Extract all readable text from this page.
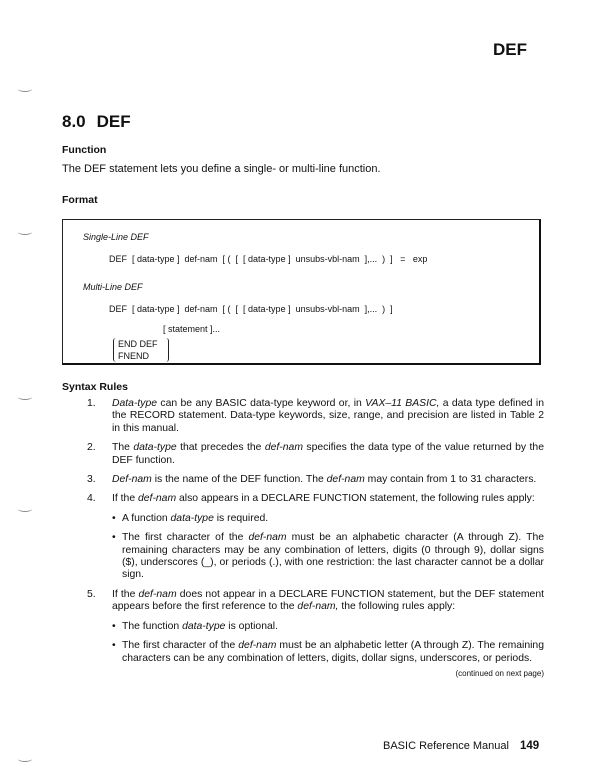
DEF
8.0 DEF
Function
The DEF statement lets you define a single- or multi-line function.
Format
Single-Line DEF
DEF  [ data-type ]  def-nam  [ (  [  [ data-type ]  unsubs-vbl-nam  ],...  )  ]   =   exp
Multi-Line DEF
DEF  [ data-type ]  def-nam  [ (  [  [ data-type ]  unsubs-vbl-nam  ],...  )  ]
[ statement ]...
END DEF
FNEND
Syntax Rules
1. Data-type can be any BASIC data-type keyword or, in VAX–11 BASIC, a data type defined in the RECORD statement. Data-type keywords, size, range, and precision are listed in Table 2 in this manual.
2. The data-type that precedes the def-nam specifies the data type of the value returned by the DEF function.
3. Def-nam is the name of the DEF function. The def-nam may contain from 1 to 31 characters.
4. If the def-nam also appears in a DECLARE FUNCTION statement, the following rules apply:
• A function data-type is required.
• The first character of the def-nam must be an alphabetic character (A through Z). The remaining characters may be any combination of letters, digits (0 through 9), dollar signs ($), underscores (_), or periods (.), with one restriction: the last character cannot be a dollar sign.
5. If the def-nam does not appear in a DECLARE FUNCTION statement, but the DEF statement appears before the first reference to the def-nam, the following rules apply:
• The function data-type is optional.
• The first character of the def-nam must be an alphabetic letter (A through Z). The remaining characters can be any combination of letters, digits, dollar signs, underscores, or periods.
(continued on next page)
BASIC Reference Manual 149
